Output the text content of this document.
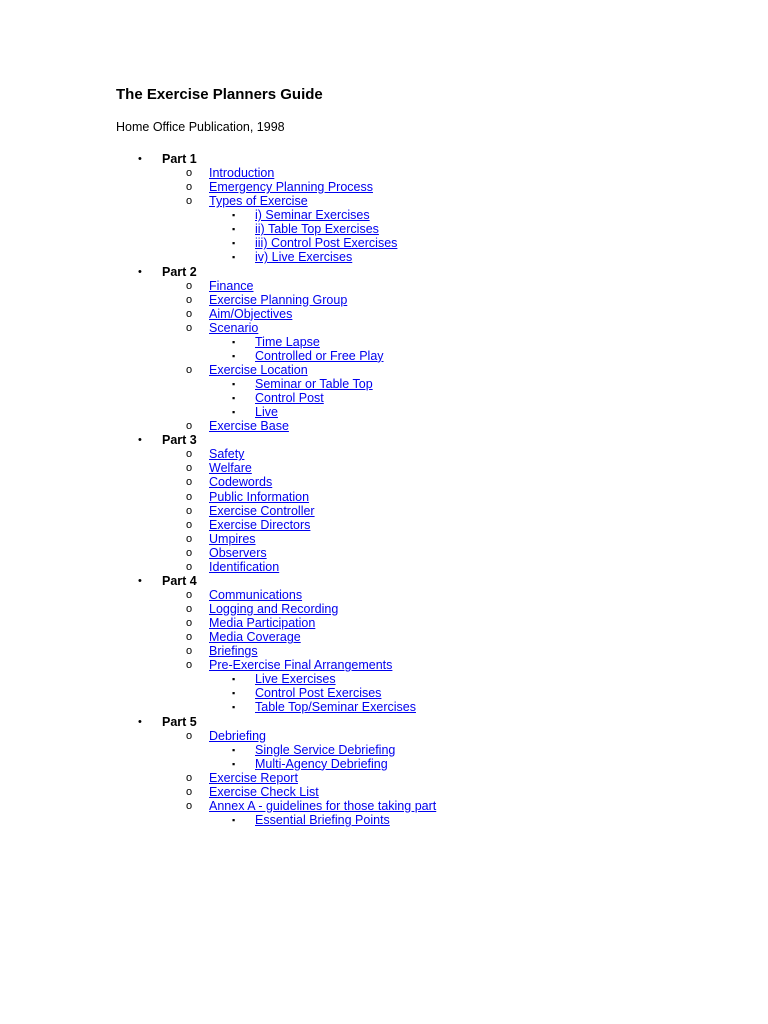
The Exercise Planners Guide

Home Office Publication, 1998

• Part 1
o Introduction
o Emergency Planning Process
o Types of Exercise
▪ i) Seminar Exercises
▪ ii) Table Top Exercises
▪ iii) Control Post Exercises
▪ iv) Live Exercises
• Part 2
o Finance
o Exercise Planning Group
o Aim/Objectives
o Scenario
▪ Time Lapse
▪ Controlled or Free Play
o Exercise Location
▪ Seminar or Table Top
▪ Control Post
▪ Live
o Exercise Base
• Part 3
o Safety
o Welfare
o Codewords
o Public Information
o Exercise Controller
o Exercise Directors
o Umpires
o Observers
o Identification
• Part 4
o Communications
o Logging and Recording
o Media Participation
o Media Coverage
o Briefings
o Pre-Exercise Final Arrangements
▪ Live Exercises
▪ Control Post Exercises
▪ Table Top/Seminar Exercises
• Part 5
o Debriefing
▪ Single Service Debriefing
▪ Multi-Agency Debriefing
o Exercise Report
o Exercise Check List
o Annex A - guidelines for those taking part
▪ Essential Briefing Points
